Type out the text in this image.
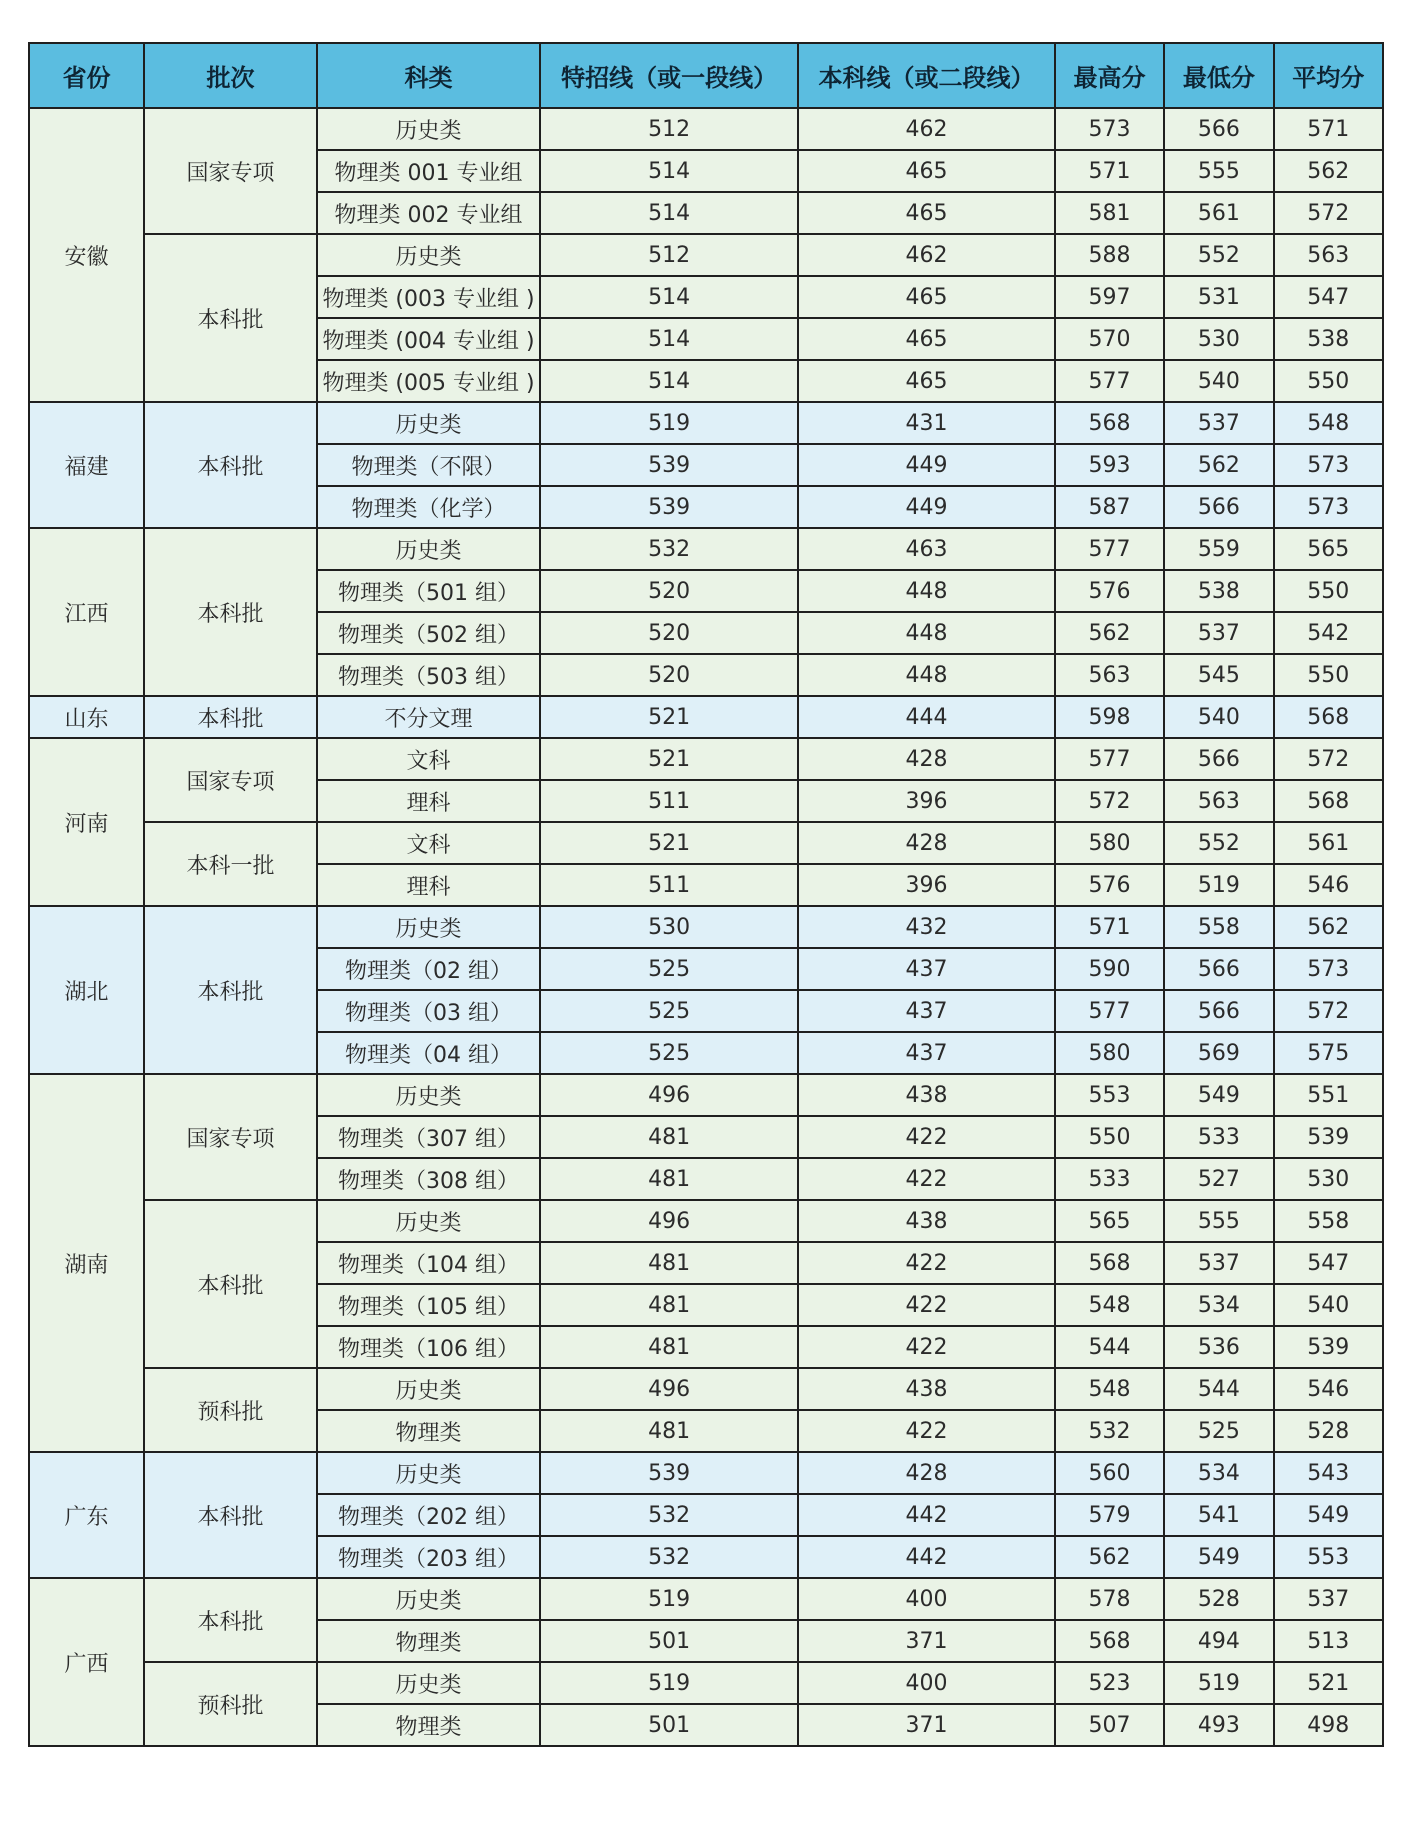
省份	批次	科类	特招线（或一段线）	本科线（或二段线）	最高分	最低分	平均分
安徽	国家专项	历史类	512	462	573	566	571
		物理类 001 专业组	514	465	571	555	562
		物理类 002 专业组	514	465	581	561	572
	本科批	历史类	512	462	588	552	563
		物理类 (003 专业组 )	514	465	597	531	547
		物理类 (004 专业组 )	514	465	570	530	538
		物理类 (005 专业组 )	514	465	577	540	550
福建	本科批	历史类	519	431	568	537	548
		物理类（不限）	539	449	593	562	573
		物理类（化学）	539	449	587	566	573
江西	本科批	历史类	532	463	577	559	565
		物理类（501 组）	520	448	576	538	550
		物理类（502 组）	520	448	562	537	542
		物理类（503 组）	520	448	563	545	550
山东	本科批	不分文理	521	444	598	540	568
河南	国家专项	文科	521	428	577	566	572
		理科	511	396	572	563	568
	本科一批	文科	521	428	580	552	561
		理科	511	396	576	519	546
湖北	本科批	历史类	530	432	571	558	562
		物理类（02 组）	525	437	590	566	573
		物理类（03 组）	525	437	577	566	572
		物理类（04 组）	525	437	580	569	575
湖南	国家专项	历史类	496	438	553	549	551
		物理类（307 组）	481	422	550	533	539
		物理类（308 组）	481	422	533	527	530
	本科批	历史类	496	438	565	555	558
		物理类（104 组）	481	422	568	537	547
		物理类（105 组）	481	422	548	534	540
		物理类（106 组）	481	422	544	536	539
	预科批	历史类	496	438	548	544	546
		物理类	481	422	532	525	528
广东	本科批	历史类	539	428	560	534	543
		物理类（202 组）	532	442	579	541	549
		物理类（203 组）	532	442	562	549	553
广西	本科批	历史类	519	400	578	528	537
		物理类	501	371	568	494	513
	预科批	历史类	519	400	523	519	521
		物理类	501	371	507	493	498
